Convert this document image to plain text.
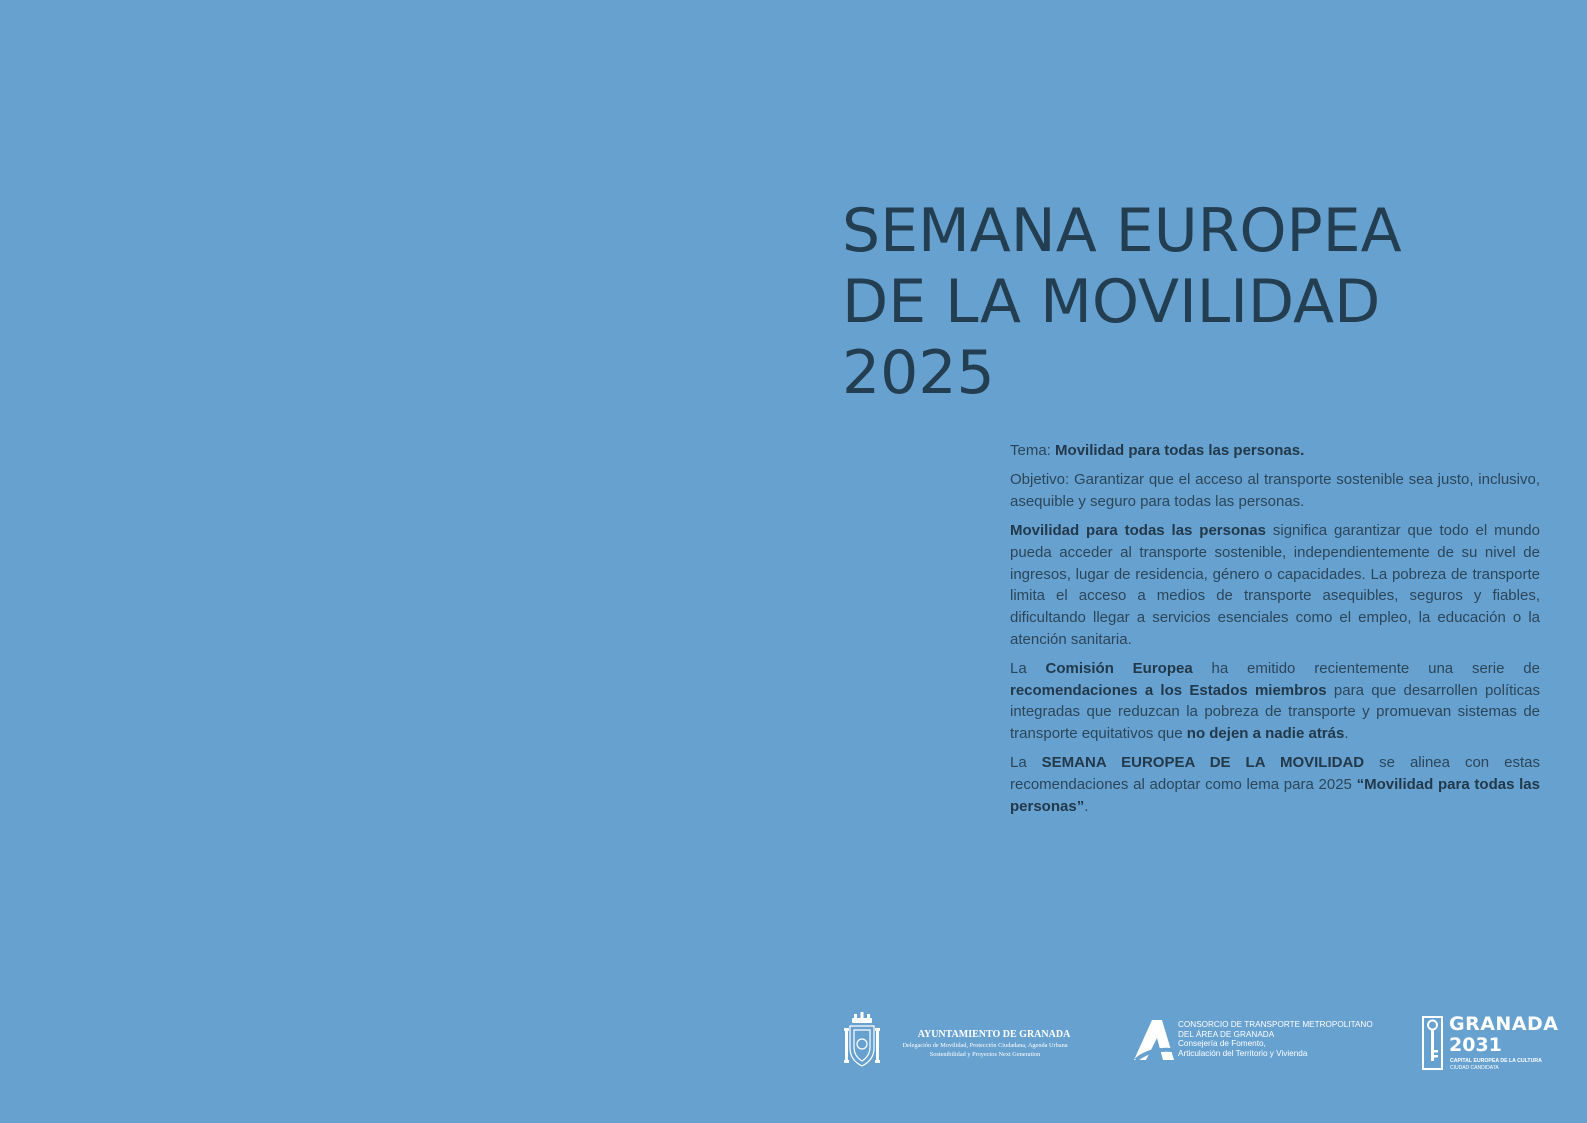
SEMANA EUROPEA
DE LA MOVILIDAD
2025

Tema: Movilidad para todas las personas.

Objetivo: Garantizar que el acceso al transporte sostenible sea justo, inclusivo, asequible y seguro para todas las personas.

Movilidad para todas las personas significa garantizar que todo el mundo pueda acceder al transporte sostenible, independientemente de su nivel de ingresos, lugar de residencia, género o capacidades. La pobreza de transporte limita el acceso a medios de transporte asequibles, seguros y fiables, dificultando llegar a servicios esenciales como el empleo, la educación o la atención sanitaria.

La Comisión Europea ha emitido recientemente una serie de recomendaciones a los Estados miembros para que desarrollen políticas integradas que reduzcan la pobreza de transporte y promuevan sistemas de transporte equitativos que no dejen a nadie atrás.

La SEMANA EUROPEA DE LA MOVILIDAD se alinea con estas recomendaciones al adoptar como lema para 2025 “Movilidad para todas las personas”.

AYUNTAMIENTO DE GRANADA
Delegación de Movilidad, Protección Ciudadana, Agenda Urbana Sostenibilidad y Proyectos Next Generation
CONSORCIO DE TRANSPORTE METROPOLITANO
DEL ÁREA DE GRANADA
Consejería de Fomento,
Articulación del Territorio y Vivienda
GRANADA
2031
CAPITAL EUROPEA DE LA CULTURA
CIUDAD CANDIDATA
